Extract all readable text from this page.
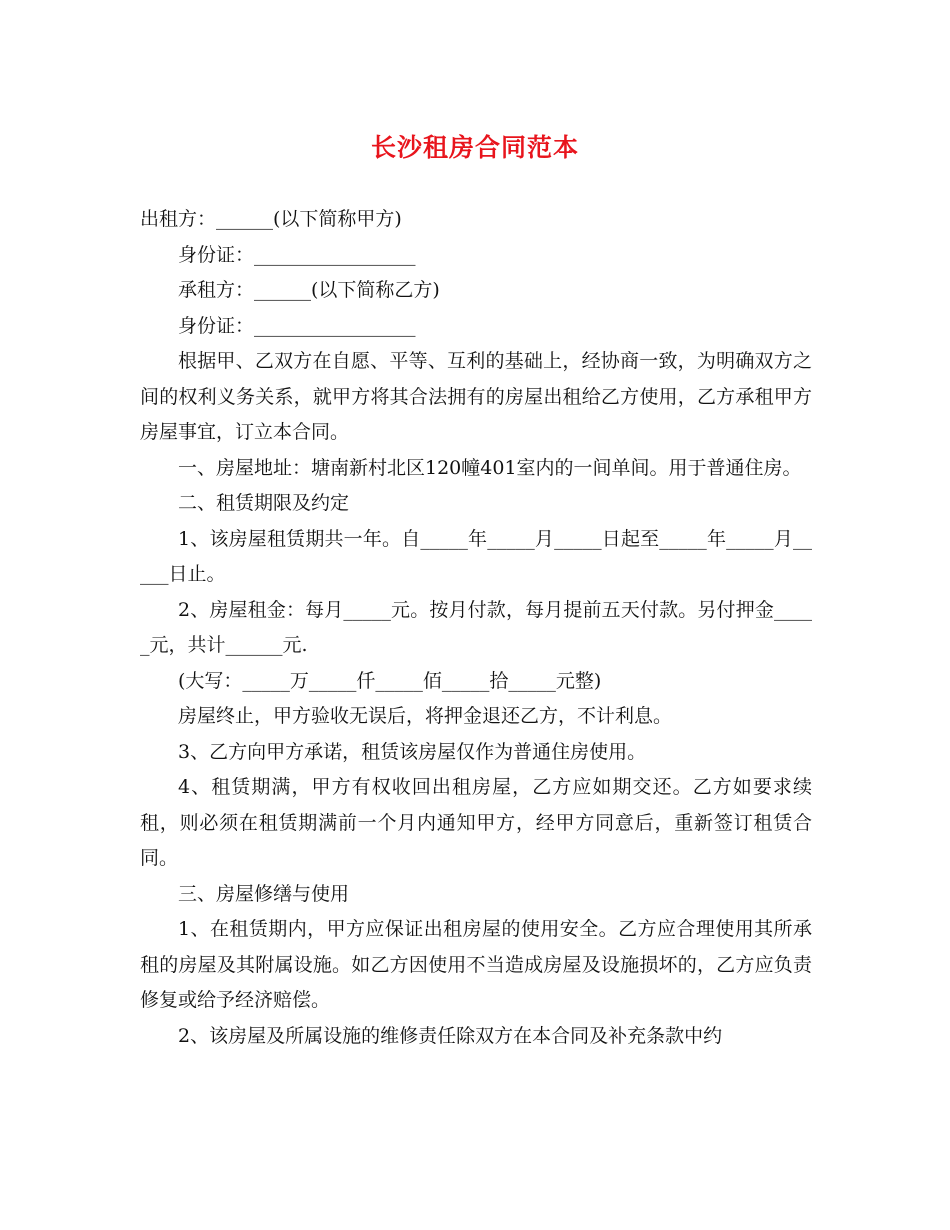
长沙租房合同范本

出租方：______(以下简称甲方)

身份证：_________________

承租方：______(以下简称乙方)

身份证：_________________

根据甲、乙双方在自愿、平等、互利的基础上，经协商一致，为明确双方之间的权利义务关系，就甲方将其合法拥有的房屋出租给乙方使用，乙方承租甲方房屋事宜，订立本合同。

一、房屋地址：塘南新村北区120幢401室内的一间单间。用于普通住房。

二、租赁期限及约定

1、该房屋租赁期共一年。自_____年_____月_____日起至_____年_____月_____日止。

2、房屋租金：每月_____元。按月付款，每月提前五天付款。另付押金_____元，共计______元.

(大写：_____万_____仟_____佰_____拾_____元整)

房屋终止，甲方验收无误后，将押金退还乙方，不计利息。

3、乙方向甲方承诺，租赁该房屋仅作为普通住房使用。

4、租赁期满，甲方有权收回出租房屋，乙方应如期交还。乙方如要求续租，则必须在租赁期满前一个月内通知甲方，经甲方同意后，重新签订租赁合同。

三、房屋修缮与使用

1、在租赁期内，甲方应保证出租房屋的使用安全。乙方应合理使用其所承租的房屋及其附属设施。如乙方因使用不当造成房屋及设施损坏的，乙方应负责修复或给予经济赔偿。

2、该房屋及所属设施的维修责任除双方在本合同及补充条款中约
